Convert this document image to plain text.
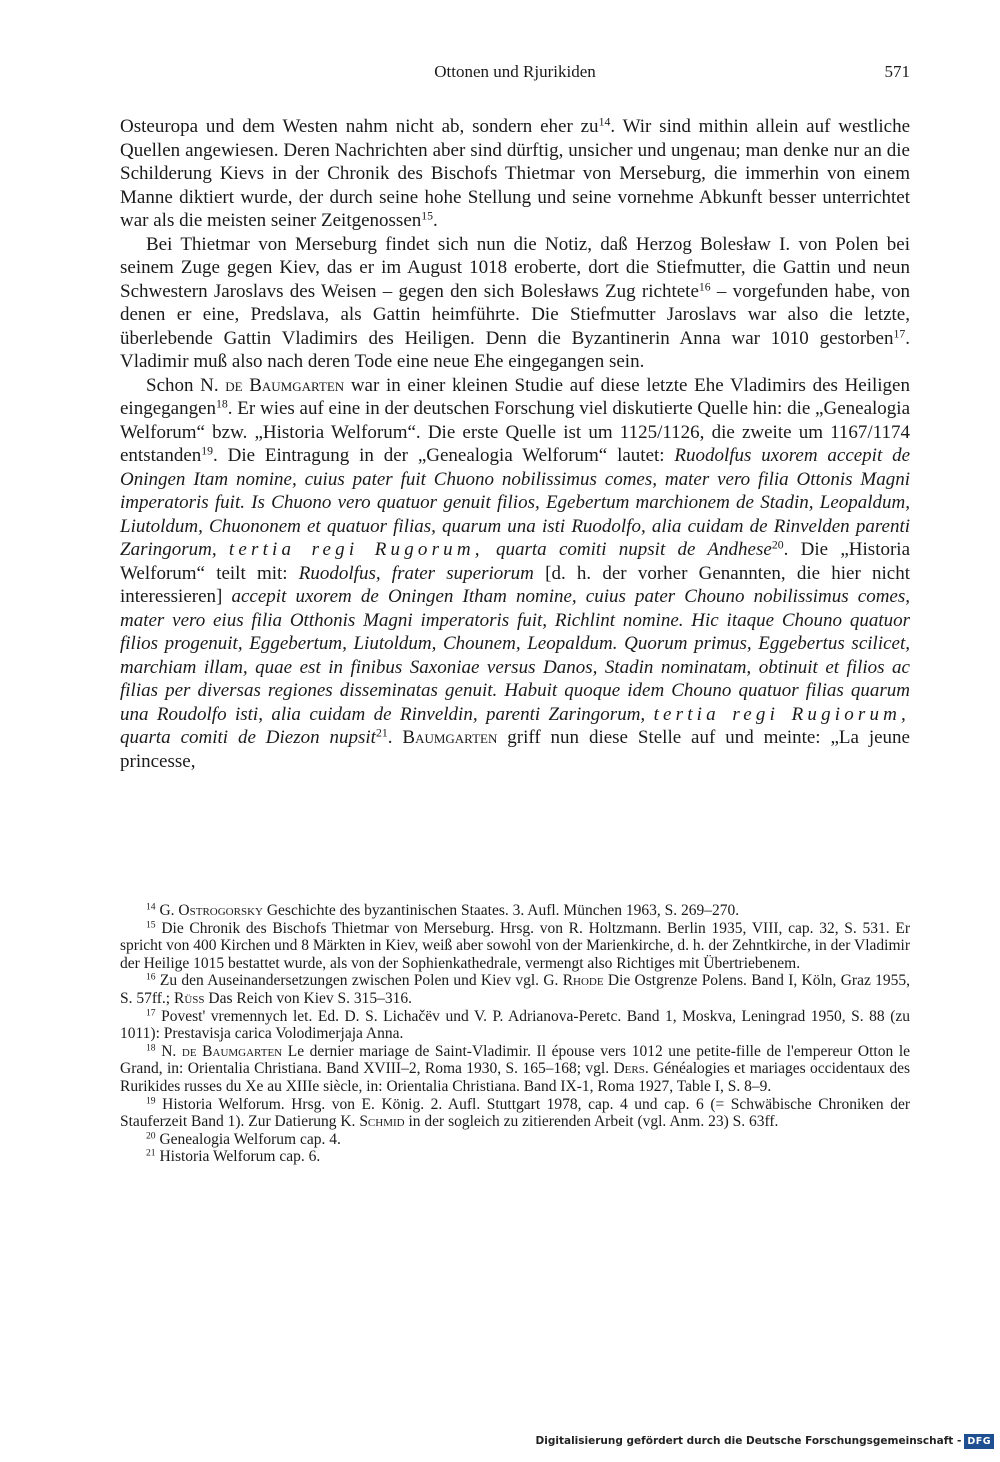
Ottonen und Rjurikiden	571

Osteuropa und dem Westen nahm nicht ab, sondern eher $zu^{14}$. Wir sind mithin allein auf westliche Quellen angewiesen. Deren Nachrichten aber sind dürftig, unsicher und ungenau; man denke nur an die Schilderung Kievs in der Chronik des Bischofs Thietmar von Merseburg, die immerhin von einem Manne diktiert wurde, der durch seine hohe Stellung und seine vornehme Abkunft besser unterrichtet war als die meisten seiner Zeitgenossen$^{15}$.

Bei Thietmar von Merseburg findet sich nun die Notiz, daß Herzog Bolesław I. von Polen bei seinem Zuge gegen Kiev, das er im August 1018 eroberte, dort die Stiefmutter, die Gattin und neun Schwestern Jaroslavs des Weisen – gegen den sich Bolesławs Zug richtete$^{16}$ – vorgefunden habe, von denen er eine, Predslava, als Gattin heimführte. Die Stiefmutter Jaroslavs war also die letzte, überlebende Gattin Vladimirs des Heiligen. Denn die Byzantinerin Anna war 1010 gestorben$^{17}$. Vladimir muß also nach deren Tode eine neue Ehe eingegangen sein.

Schon N. de Baumgarten war in einer kleinen Studie auf diese letzte Ehe Vladimirs des Heiligen eingegangen$^{18}$. Er wies auf eine in der deutschen Forschung viel diskutierte Quelle hin: die „Genealogia Welforum“ bzw. „Historia Welforum“. Die erste Quelle ist um 1125/1126, die zweite um 1167/1174 entstanden$^{19}$. Die Eintragung in der „Genealogia Welforum“ lautet: Ruodolfus uxorem accepit de Oningen Itam nomine, cuius pater fuit Chuono nobilissimus comes, mater vero filia Ottonis Magni imperatoris fuit. Is Chuono vero quatuor genuit filios, Egebertum marchionem de Stadin, Leopaldum, Liutoldum, Chuononem et quatuor filias, quarum una isti Ruodolfo, alia cuidam de Rinvelden parenti Zaringorum, tertia regi Rugorum, quarta comiti nupsit de Andhese$^{20}$. Die „Historia Welforum“ teilt mit: Ruodolfus, frater superiorum [d. h. der vorher Genannten, die hier nicht interessieren] accepit uxorem de Oningen Itham nomine, cuius pater Chouno nobilissimus comes, mater vero eius filia Otthonis Magni imperatoris fuit, Richlint nomine. Hic itaque Chouno quatuor filios progenuit, Eggebertum, Liutoldum, Chounem, Leopaldum. Quorum primus, Eggebertus scilicet, marchiam illam, quae est in finibus Saxoniae versus Danos, Stadin nominatam, obtinuit et filios ac filias per diversas regiones disseminatas genuit. Habuit quoque idem Chouno quatuor filias quarum una Roudolfo isti, alia cuidam de Rinveldin, parenti Zaringorum, tertia regi Rugiorum, quarta comiti de Diezon nupsit$^{21}$. Baumgarten griff nun diese Stelle auf und meinte: „La jeune princesse,

$^{14}$ G. Ostrogorsky Geschichte des byzantinischen Staates. 3. Aufl. München 1963, S. 269–270.

$^{15}$ Die Chronik des Bischofs Thietmar von Merseburg. Hrsg. von R. Holtzmann. Berlin 1935, VIII, cap. 32, S. 531. Er spricht von 400 Kirchen und 8 Märkten in Kiev, weiß aber sowohl von der Marienkirche, d. h. der Zehntkirche, in der Vladimir der Heilige 1015 bestattet wurde, als von der Sophienkathedrale, vermengt also Richtiges mit Übertriebenem.

$^{16}$ Zu den Auseinandersetzungen zwischen Polen und Kiev vgl. G. Rhode Die Ostgrenze Polens. Band I, Köln, Graz 1955, S. 57ff.; Rüss Das Reich von Kiev S. 315–316.

$^{17}$ Povest' vremennych let. Ed. D. S. Lichačëv und V. P. Adrianova-Peretc. Band 1, Moskva, Leningrad 1950, S. 88 (zu 1011): Prestavisja carica Volodimerjaja Anna.

$^{18}$ N. de Baumgarten Le dernier mariage de Saint-Vladimir. Il épouse vers 1012 une petite-fille de l'empereur Otton le Grand, in: Orientalia Christiana. Band XVIII–2, Roma 1930, S. 165–168; vgl. Ders. Généalogies et mariages occidentaux des Rurikides russes du Xe au XIIIe siècle, in: Orientalia Christiana. Band IX-1, Roma 1927, Table I, S. 8–9.

$^{19}$ Historia Welforum. Hrsg. von E. König. 2. Aufl. Stuttgart 1978, cap. 4 und cap. 6 (= Schwäbische Chroniken der Stauferzeit Band 1). Zur Datierung K. Schmid in der sogleich zu zitierenden Arbeit (vgl. Anm. 23) S. 63ff.

$^{20}$ Genealogia Welforum cap. 4.

$^{21}$ Historia Welforum cap. 6.

Digitalisierung gefördert durch die Deutsche Forschungsgemeinschaft - DFG
